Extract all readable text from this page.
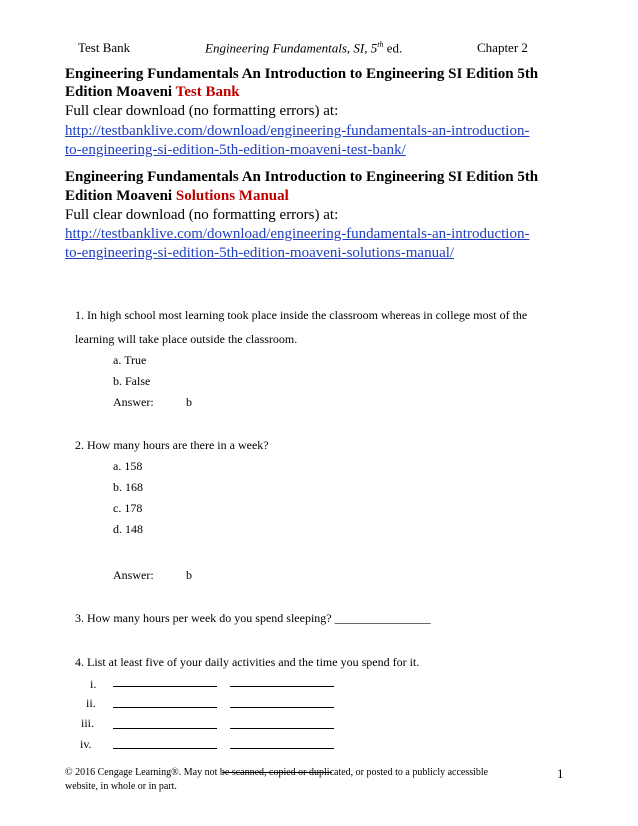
Test Bank	Engineering Fundamentals, SI, 5th ed.	Chapter 2
Engineering Fundamentals An Introduction to Engineering SI Edition 5th
Edition Moaveni Test Bank
Full clear download (no formatting errors) at:
http://testbanklive.com/download/engineering-fundamentals-an-introduction-
to-engineering-si-edition-5th-edition-moaveni-test-bank/
Engineering Fundamentals An Introduction to Engineering SI Edition 5th
Edition Moaveni Solutions Manual
Full clear download (no formatting errors) at:
http://testbanklive.com/download/engineering-fundamentals-an-introduction-
to-engineering-si-edition-5th-edition-moaveni-solutions-manual/
1. In high school most learning took place inside the classroom whereas in college most of the
learning will take place outside the classroom.
a. True
b. False
Answer:	b
2. How many hours are there in a week?
a. 158
b. 168
c. 178
d. 148
Answer:	b
3. How many hours per week do you spend sleeping? ________________
4. List at least five of your daily activities and the time you spend for it.
i.
ii.
iii.
iv.
© 2016 Cengage Learning®. May not be scanned, copied or duplicated, or posted to a publicly accessible
website, in whole or in part.
1
